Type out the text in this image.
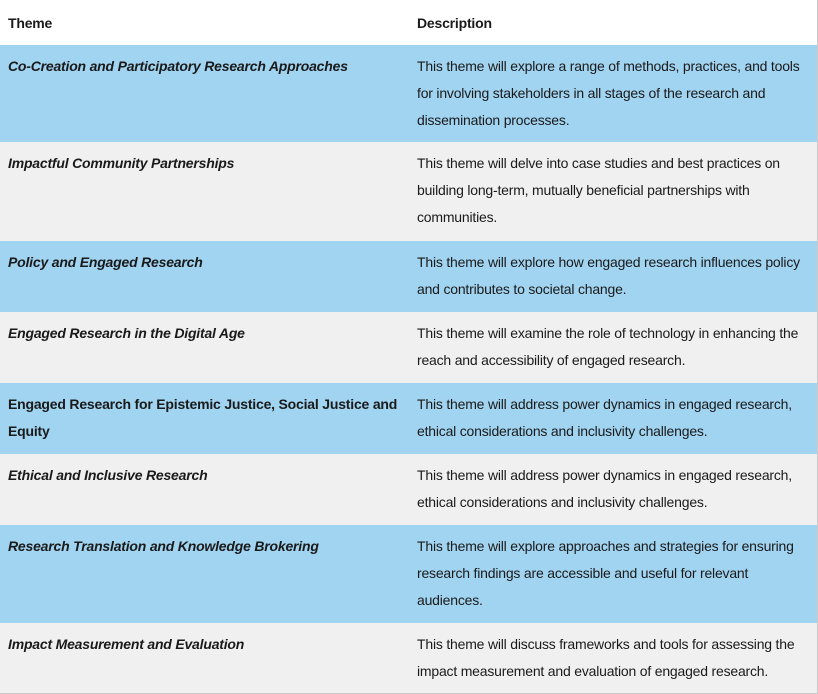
Theme	Description
Co-Creation and Participatory Research Approaches	This theme will explore a range of methods, practices, and tools for involving stakeholders in all stages of the research and dissemination processes.
Impactful Community Partnerships	This theme will delve into case studies and best practices on building long-term, mutually beneficial partnerships with communities.
Policy and Engaged Research	This theme will explore how engaged research influences policy and contributes to societal change.
Engaged Research in the Digital Age	This theme will examine the role of technology in enhancing the reach and accessibility of engaged research.
Engaged Research for Epistemic Justice, Social Justice and Equity	This theme will address power dynamics in engaged research, ethical considerations and inclusivity challenges.
Ethical and Inclusive Research	This theme will address power dynamics in engaged research, ethical considerations and inclusivity challenges.
Research Translation and Knowledge Brokering	This theme will explore approaches and strategies for ensuring research findings are accessible and useful for relevant audiences.
Impact Measurement and Evaluation	This theme will discuss frameworks and tools for assessing the impact measurement and evaluation of engaged research.
